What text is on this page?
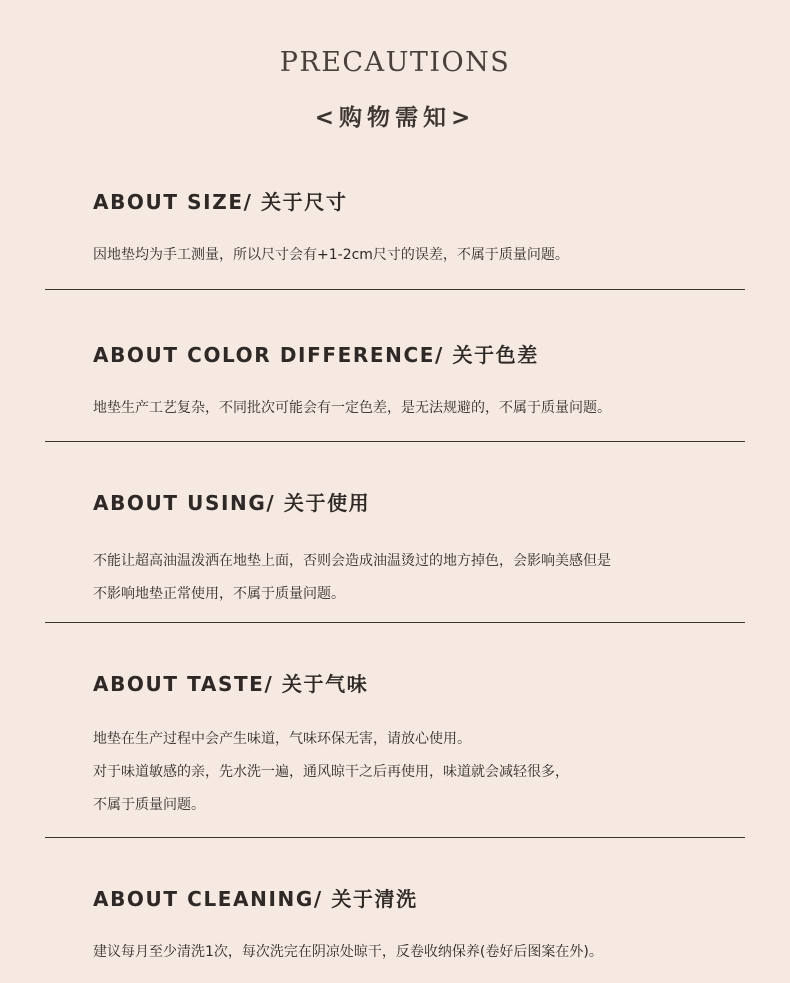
PRECAUTIONS
<购物需知>
ABOUT SIZE/ 关于尺寸
因地垫均为手工测量，所以尺寸会有+1-2cm尺寸的误差，不属于质量问题。
ABOUT COLOR DIFFERENCE/ 关于色差
地垫生产工艺复杂，不同批次可能会有一定色差，是无法规避的，不属于质量问题。
ABOUT USING/ 关于使用
不能让超高油温泼洒在地垫上面，否则会造成油温烫过的地方掉色，会影响美感但是
不影响地垫正常使用，不属于质量问题。
ABOUT TASTE/ 关于气味
地垫在生产过程中会产生味道，气味环保无害，请放心使用。
对于味道敏感的亲，先水洗一遍，通风晾干之后再使用，味道就会减轻很多，
不属于质量问题。
ABOUT CLEANING/ 关于清洗
建议每月至少清洗1次，每次洗完在阴凉处晾干，反卷收纳保养(卷好后图案在外)。
